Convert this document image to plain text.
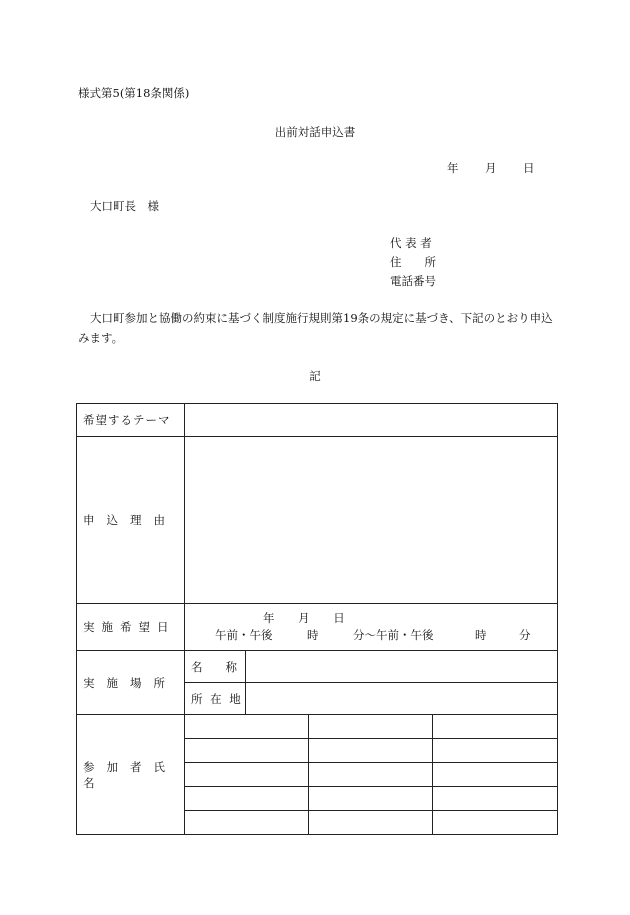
様式第5(第18条関係)
出前対話申込書
年 月 日
大口町長　様
代 表 者
住　　所
電話番号
大口町参加と協働の約束に基づく制度施行規則第19条の規定に基づき、下記のとおり申込みます。
記
希望するテーマ				
申込理由				
実施希望日	年 月 日
午前・午後 時 分〜午前・午後 時 分			

実施場所	名　　称			
	所 在 地			
参加者氏名				
